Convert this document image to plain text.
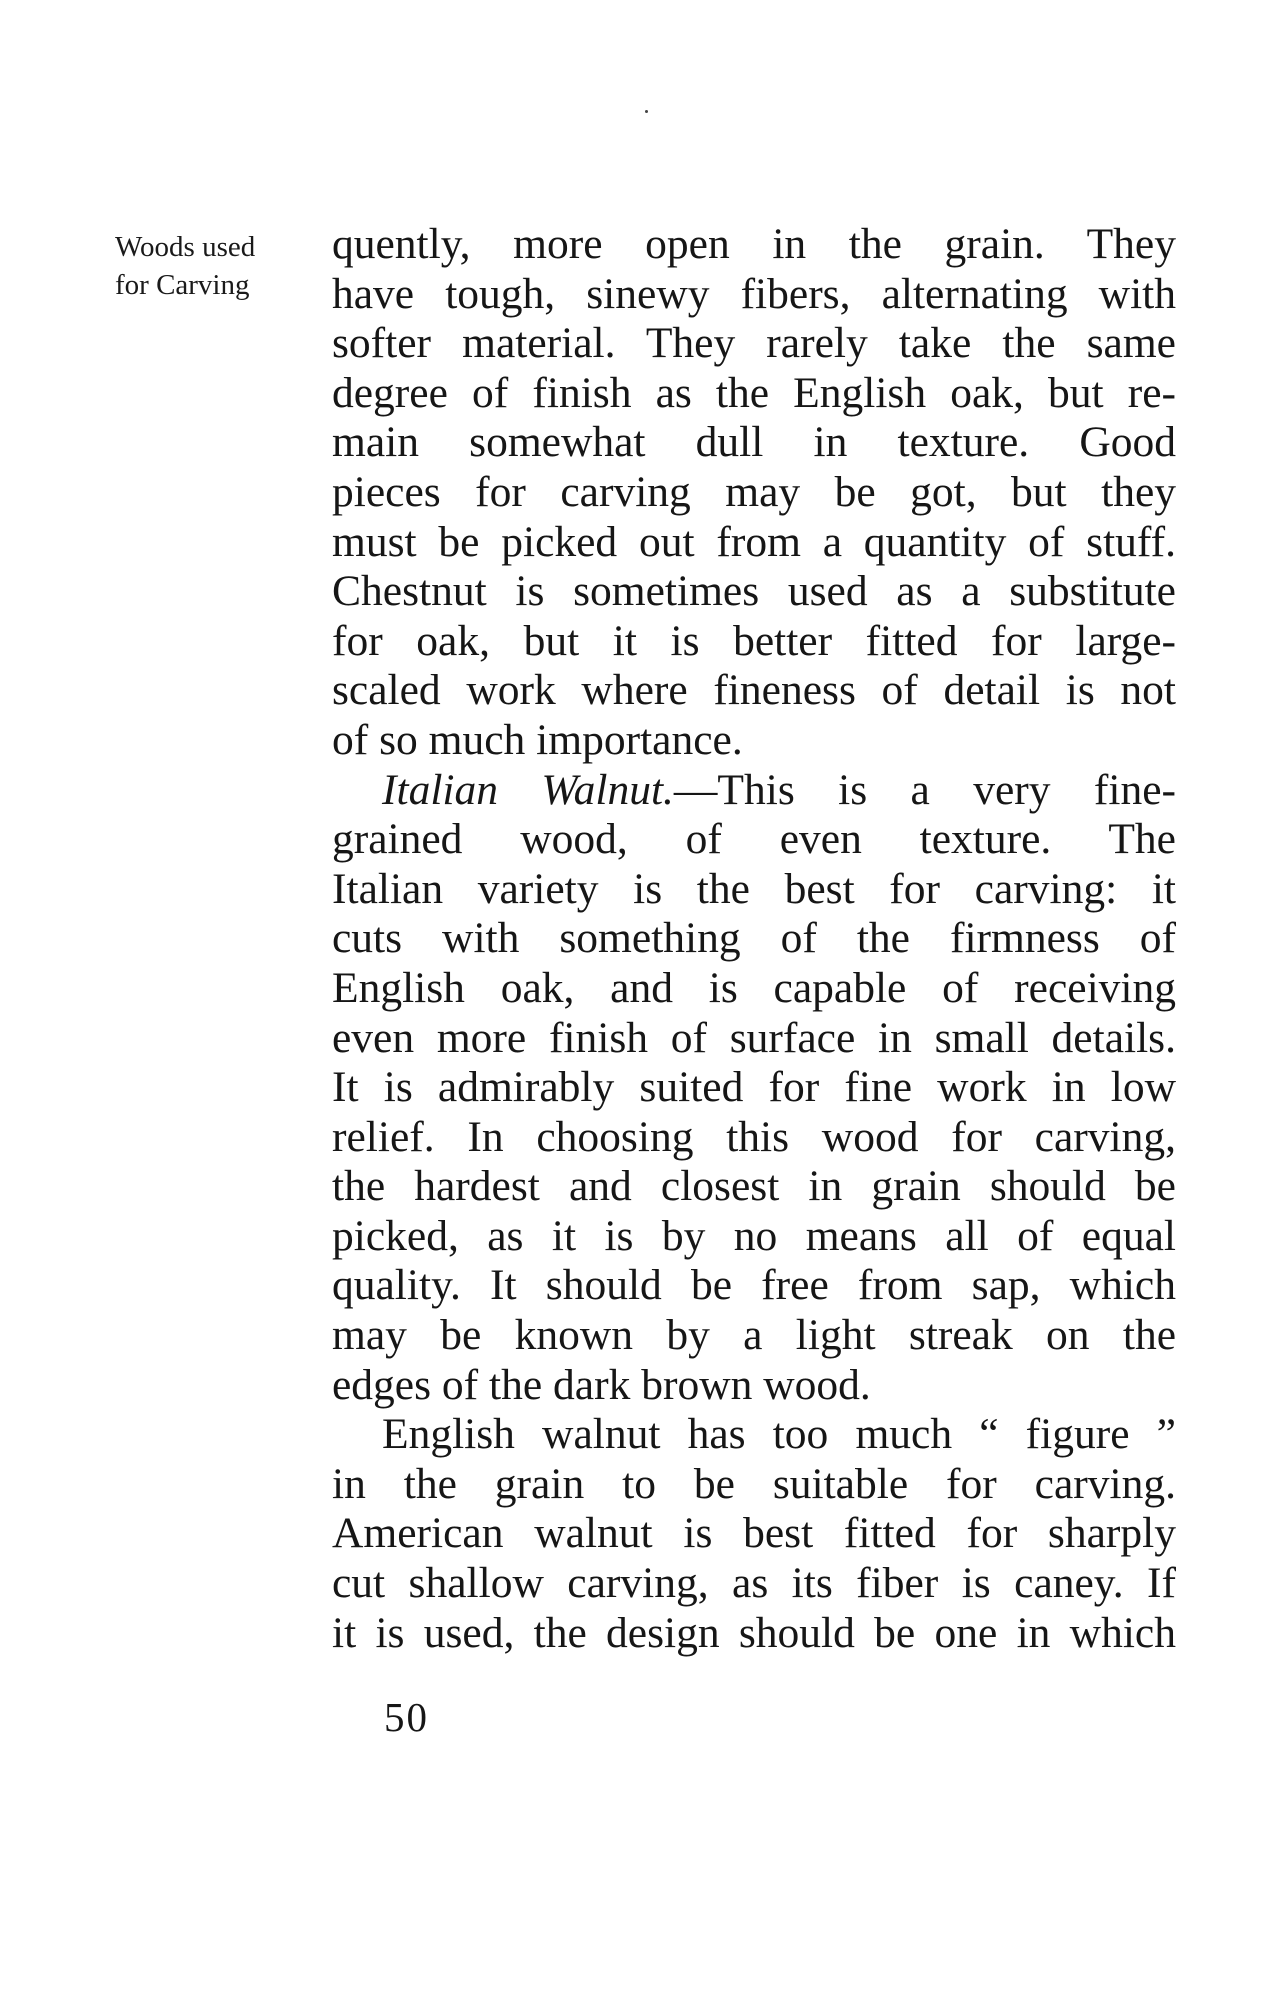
Woods used
for Carving
quently, more open in the grain. They
have tough, sinewy fibers, alternating with
softer material. They rarely take the same
degree of finish as the English oak, but re-
main somewhat dull in texture. Good
pieces for carving may be got, but they
must be picked out from a quantity of stuff.
Chestnut is sometimes used as a substitute
for oak, but it is better fitted for large-
scaled work where fineness of detail is not
of so much importance.
Italian Walnut.—This is a very fine-
grained wood, of even texture. The
Italian variety is the best for carving: it
cuts with something of the firmness of
English oak, and is capable of receiving
even more finish of surface in small details.
It is admirably suited for fine work in low
relief. In choosing this wood for carving,
the hardest and closest in grain should be
picked, as it is by no means all of equal
quality. It should be free from sap, which
may be known by a light streak on the
edges of the dark brown wood.
English walnut has too much “ figure ”
in the grain to be suitable for carving.
American walnut is best fitted for sharply
cut shallow carving, as its fiber is caney. If
it is used, the design should be one in which
50
